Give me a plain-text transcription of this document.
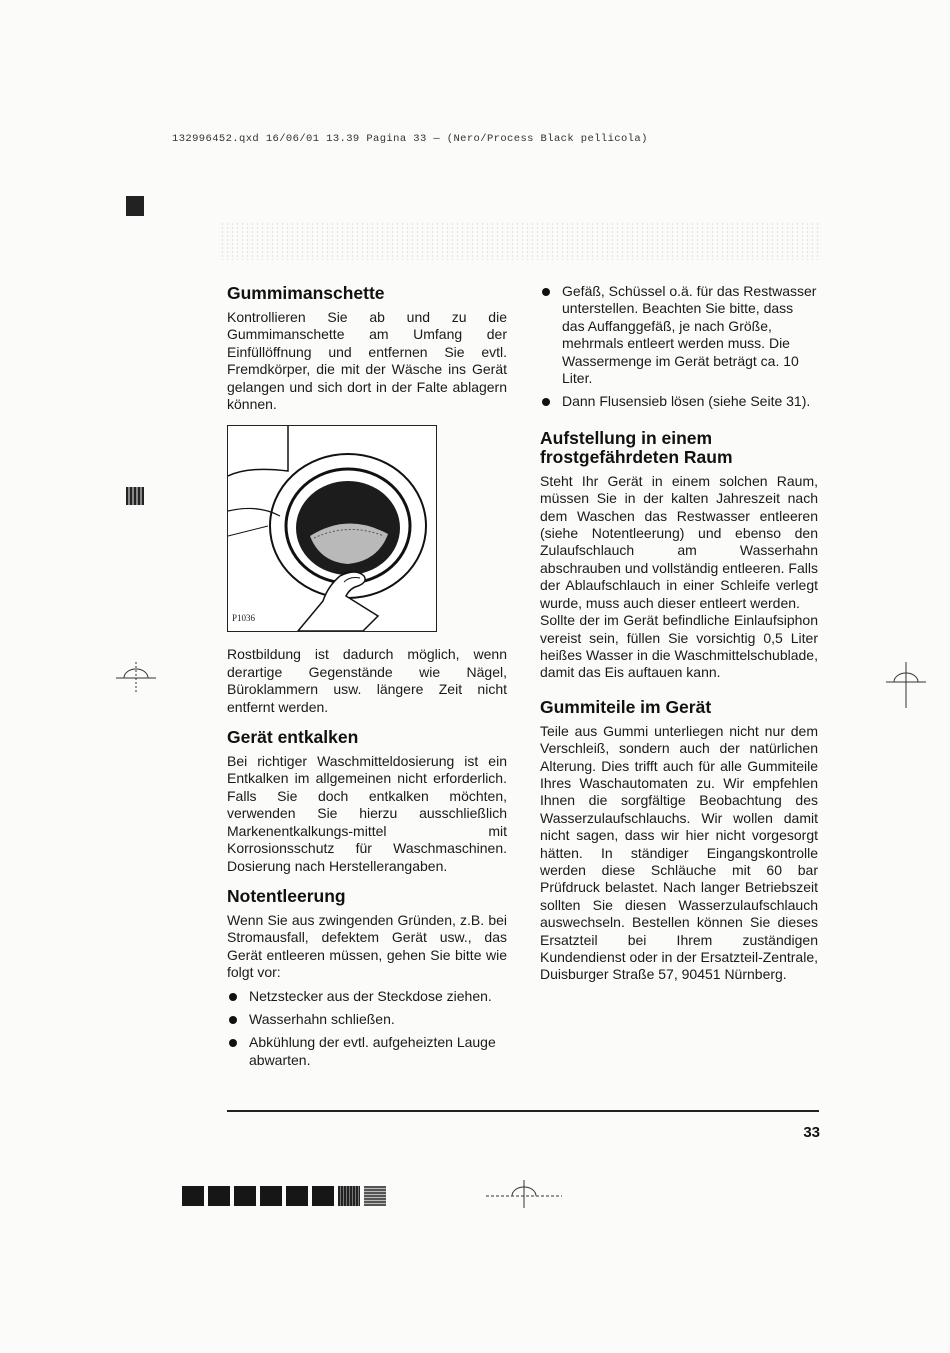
132996452.qxd 16/06/01 13.39 Pagina 33 — (Nero/Process Black pellicola)
Gummimanschette

Kontrollieren Sie ab und zu die Gummimanschette am Umfang der Einfüllöffnung und entfernen Sie evtl. Fremdkörper, die mit der Wäsche ins Gerät gelangen und sich dort in der Falte ablagern können.

P1036

Rostbildung ist dadurch möglich, wenn derartige Gegenstände wie Nägel, Büroklammern usw. längere Zeit nicht entfernt werden.

Gerät entkalken

Bei richtiger Waschmitteldosierung ist ein Entkalken im allgemeinen nicht erforderlich. Falls Sie doch entkalken möchten, verwenden Sie hierzu ausschließlich Markenentkalkungs-mittel mit Korrosionsschutz für Waschmaschinen. Dosierung nach Herstellerangaben.

Notentleerung

Wenn Sie aus zwingenden Gründen, z.B. bei Stromausfall, defektem Gerät usw., das Gerät entleeren müssen, gehen Sie bitte wie folgt vor:

Netzstecker aus der Steckdose ziehen.
Wasserhahn schließen.
Abkühlung der evtl. aufgeheizten Lauge abwarten.
Gefäß, Schüssel o.ä. für das Restwasser unterstellen. Beachten Sie bitte, dass das Auffanggefäß, je nach Größe, mehrmals entleert werden muss. Die Wassermenge im Gerät beträgt ca. 10 Liter.
Dann Flusensieb lösen (siehe Seite 31).
Aufstellung in einem frostgefährdeten Raum

Steht Ihr Gerät in einem solchen Raum, müssen Sie in der kalten Jahreszeit nach dem Waschen das Restwasser entleeren (siehe Notentleerung) und ebenso den Zulaufschlauch am Wasserhahn abschrauben und vollständig entleeren. Falls der Ablaufschlauch in einer Schleife verlegt wurde, muss auch dieser entleert werden.

Sollte der im Gerät befindliche Einlaufsiphon vereist sein, füllen Sie vorsichtig 0,5 Liter heißes Wasser in die Waschmittelschublade, damit das Eis auftauen kann.

Gummiteile im Gerät

Teile aus Gummi unterliegen nicht nur dem Verschleiß, sondern auch der natürlichen Alterung. Dies trifft auch für alle Gummiteile Ihres Waschautomaten zu. Wir empfehlen Ihnen die sorgfältige Beobachtung des Wasserzulaufschlauchs. Wir wollen damit nicht sagen, dass wir hier nicht vorgesorgt hätten. In ständiger Eingangskontrolle werden diese Schläuche mit 60 bar Prüfdruck belastet. Nach langer Betriebszeit sollten Sie diesen Wasserzulaufschlauch auswechseln. Bestellen können Sie dieses Ersatzteil bei Ihrem zuständigen Kundendienst oder in der Ersatzteil-Zentrale, Duisburger Straße 57, 90451 Nürnberg.

33
